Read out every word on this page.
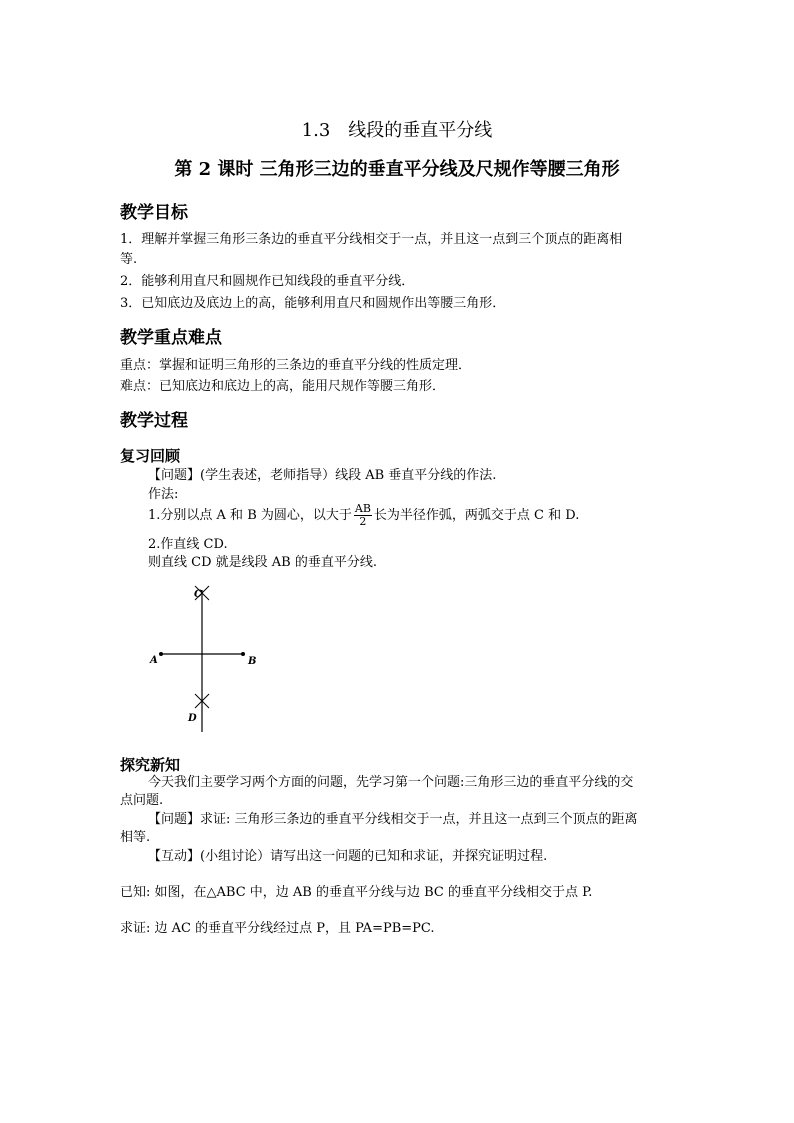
1.3　线段的垂直平分线
第 2 课时 三角形三边的垂直平分线及尺规作等腰三角形
教学目标
1．理解并掌握三角形三条边的垂直平分线相交于一点，并且这一点到三个顶点的距离相
等.
2．能够利用直尺和圆规作已知线段的垂直平分线．
3．已知底边及底边上的高，能够利用直尺和圆规作出等腰三角形．
教学重点难点
重点：掌握和证明三角形的三条边的垂直平分线的性质定理．
难点：已知底边和底边上的高，能用尺规作等腰三角形．
教学过程
复习回顾
【问题】(学生表述，老师指导）线段 AB 垂直平分线的作法.
作法:
1.分别以点 A 和 B 为圆心，以大于 $\frac{AB}{2}$ 长为半径作弧，两弧交于点 C 和 D.
2.作直线 CD.
则直线 CD 就是线段 AB 的垂直平分线.
C
A	B
D
探究新知
今天我们主要学习两个方面的问题，先学习第一个问题:三角形三边的垂直平分线的交
点问题.
【问题】求证: 三角形三条边的垂直平分线相交于一点，并且这一点到三个顶点的距离
相等.
【互动】(小组讨论）请写出这一问题的已知和求证，并探究证明过程.
已知: 如图，在△ABC 中，边 AB 的垂直平分线与边 BC 的垂直平分线相交于点 P.
求证: 边 AC 的垂直平分线经过点 P，且 PA=PB=PC.
